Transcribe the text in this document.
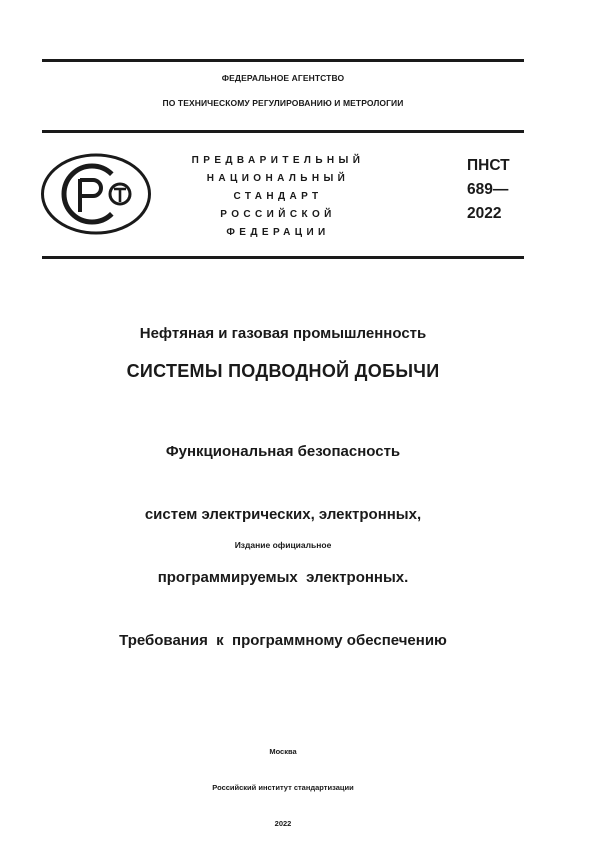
ФЕДЕРАЛЬНОЕ АГЕНТСТВО
ПО ТЕХНИЧЕСКОМУ РЕГУЛИРОВАНИЮ И МЕТРОЛОГИИ
ПРЕДВАРИТЕЛЬНЫЙ
НАЦИОНАЛЬНЫЙ
СТАНДАРТ
РОССИЙСКОЙ
ФЕДЕРАЦИИ
ПНСТ
689—
2022
Нефтяная и газовая промышленность
СИСТЕМЫ ПОДВОДНОЙ ДОБЫЧИ

Функциональная безопасность

систем электрических, электронных,

программируемых  электронных.

Требования  к  программному обеспечению

Издание официальное

Москва

Российский институт стандартизации

2022
